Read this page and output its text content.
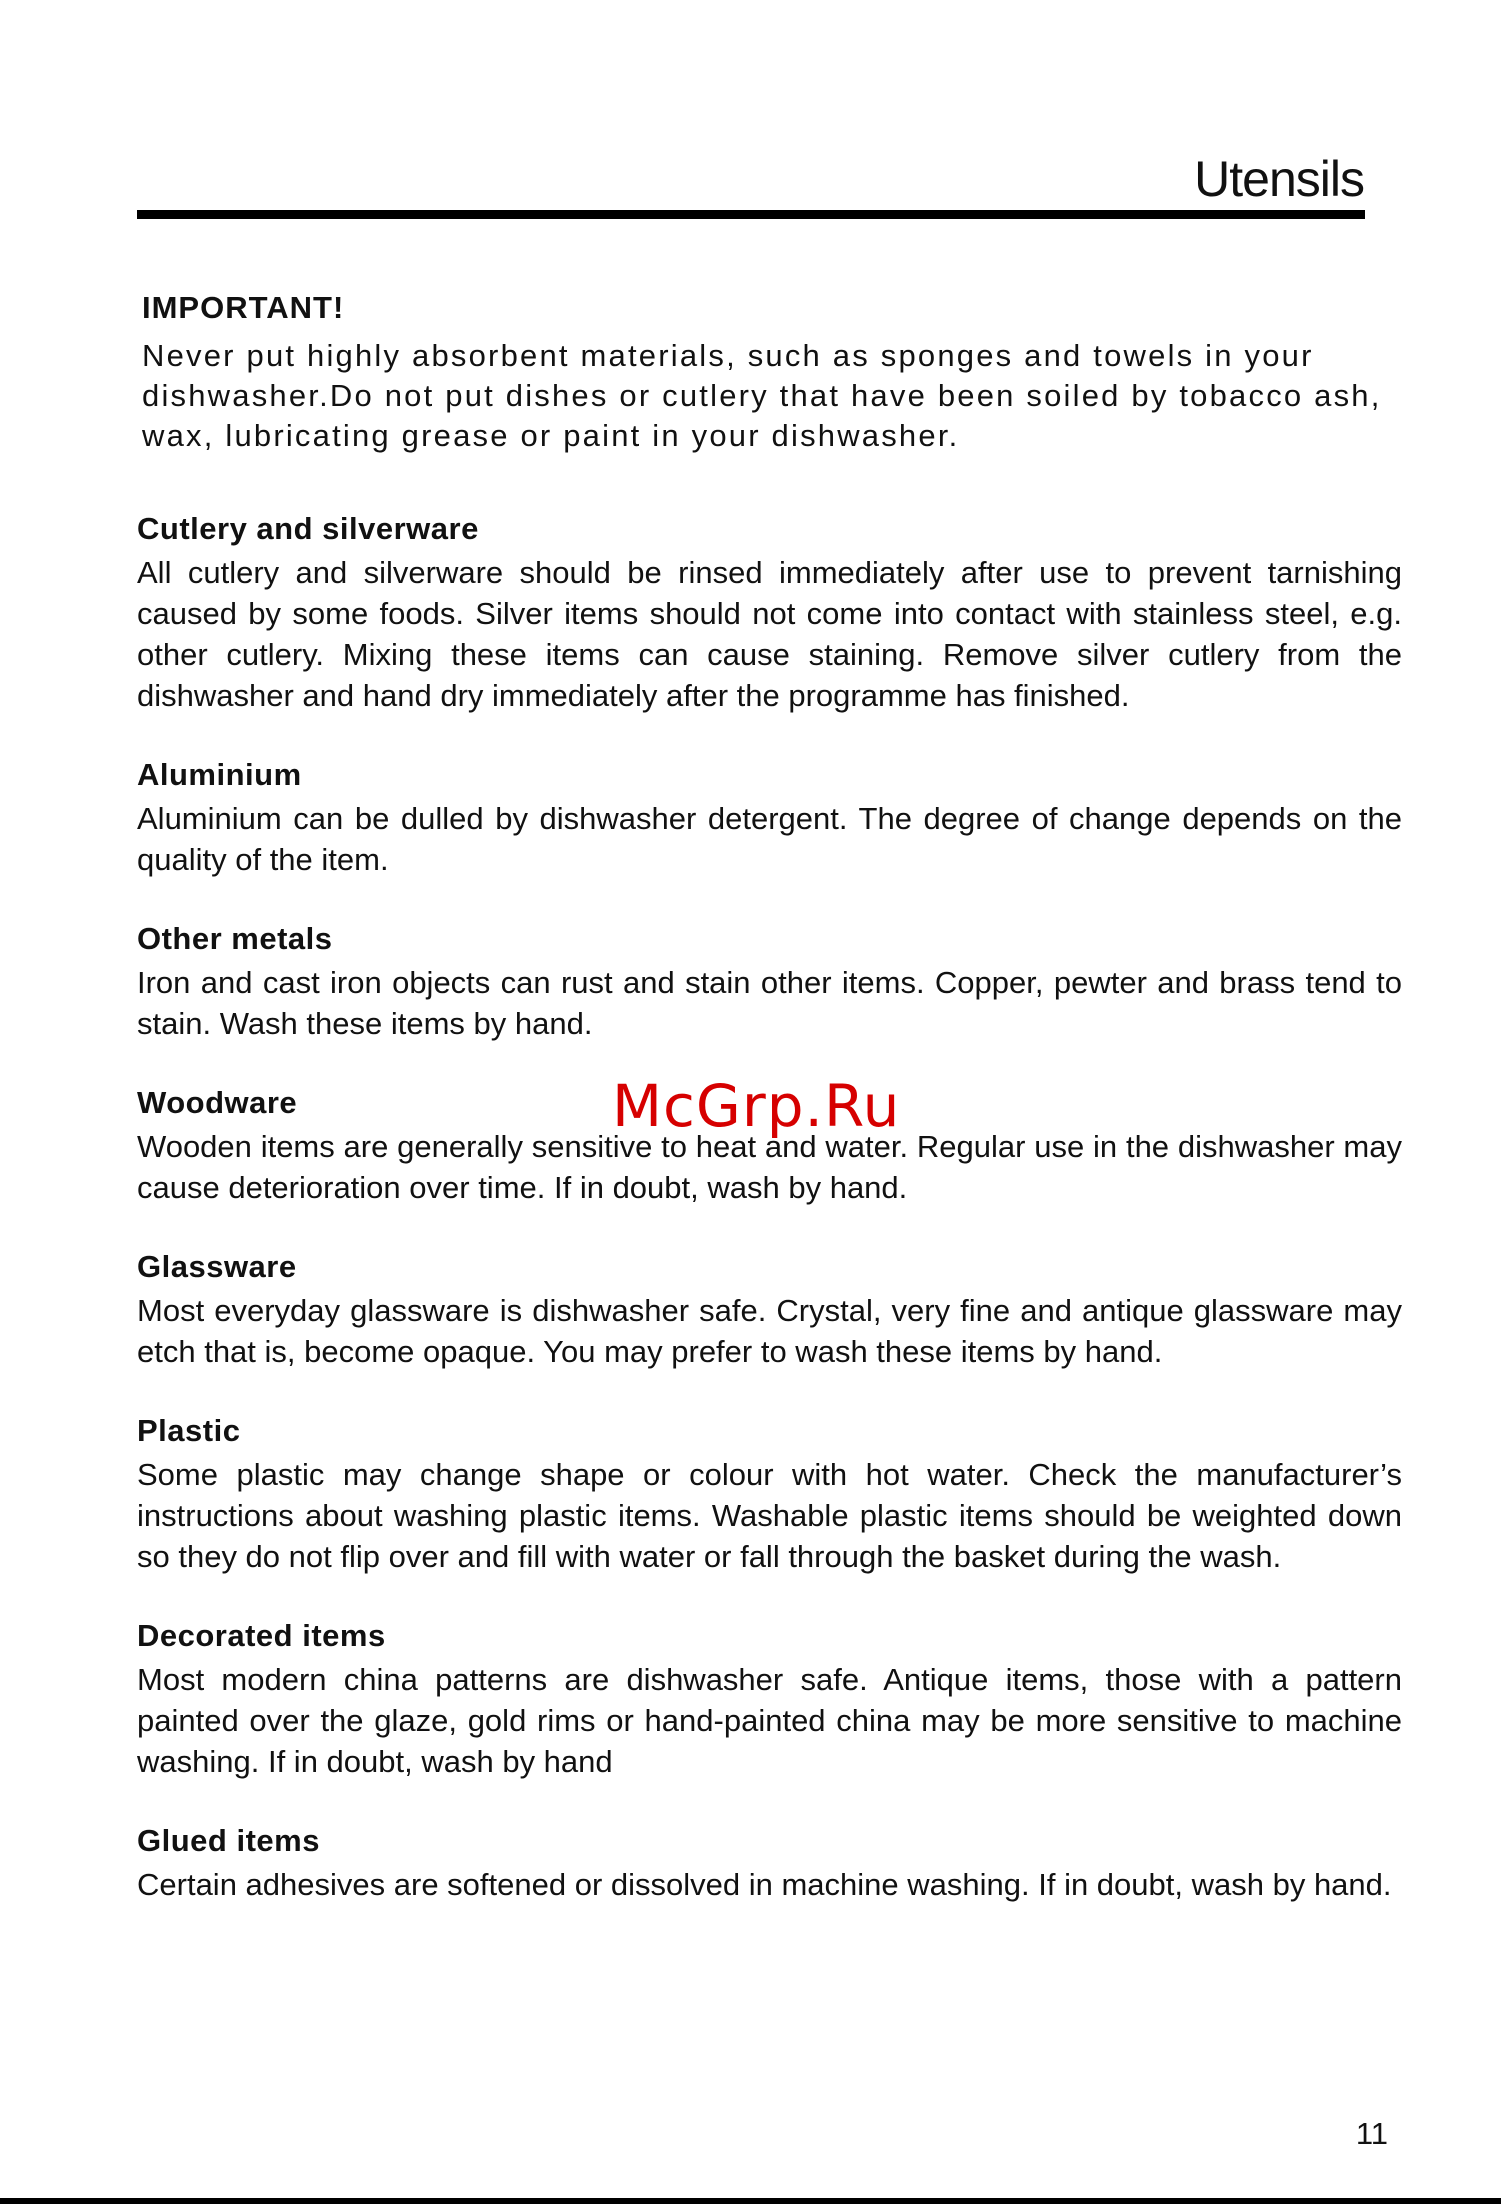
Utensils
IMPORTANT!

Never put highly absorbent materials, such as sponges and towels in your dishwasher.Do not put dishes or cutlery that have been soiled by tobacco ash, wax, lubricating grease or paint in your dishwasher.

Cutlery and silverware

All cutlery and silverware should be rinsed immediately after use to prevent tarnishing caused by some foods. Silver items should not come into contact with stainless steel, e.g. other cutlery. Mixing these items can cause staining. Remove silver cutlery from the dishwasher and hand dry immediately after the programme has finished.

Aluminium

Aluminium can be dulled by dishwasher detergent. The degree of change depends on the quality of the item.

Other metals

Iron and cast iron objects can rust and stain other items. Copper, pewter and brass tend to stain. Wash these items by hand.

Woodware

Wooden items are generally sensitive to heat and water. Regular use in the dishwasher may cause deterioration over time. If in doubt, wash by hand.

Glassware

Most everyday glassware is dishwasher safe. Crystal, very fine and antique glassware may etch that is, become opaque. You may prefer to wash these items by hand.

Plastic

Some plastic may change shape or colour with hot water. Check the manufacturer’s instructions about washing plastic items. Washable plastic items should be weighted down so they do not flip over and fill with water or fall through the basket during the wash.

Decorated items

Most modern china patterns are dishwasher safe. Antique items, those with a pattern painted over the glaze, gold rims or hand-painted china may be more sensitive to machine washing. If in doubt, wash by hand

Glued items

Certain adhesives are softened or dissolved in machine washing. If in doubt, wash by hand.

McGrp.Ru
11
